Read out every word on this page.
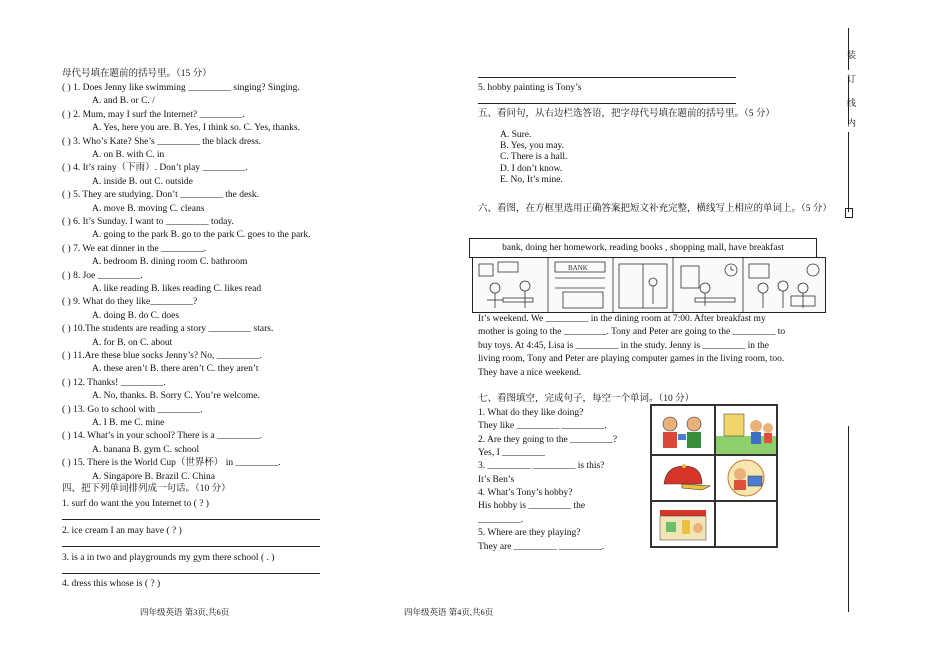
母代号填在题前的括号里。（15 分）
( ) 1. Does Jenny like swimming _________ singing? Singing.
A. and B. or C. /
( ) 2. Mum, may I surf the Internet? _________.
A. Yes, here you are. B. Yes, I think so. C. Yes, thanks.
( ) 3. Who’s Kate? She’s _________ the black dress.
A. on B. with C. in
( ) 4. It’s rainy（下雨）. Don’t play _________.
A. inside B. out C. outside
( ) 5. They are studying. Don’t _________ the desk.
A. move B. moving C. cleans
( ) 6. It’s Sunday. I want to _________ today.
A. going to the park B. go to the park C. goes to the park.
( ) 7. We eat dinner in the _________.
A. bedroom B. dining room C. bathroom
( ) 8. Joe _________.
A. like reading B. likes reading C. likes read
( ) 9. What do they like_________?
A. doing B. do C. does
( ) 10.The students are reading a story _________ stars.
A. for B. on C. about
( ) 11.Are these blue socks Jenny’s? No, _________.
A. these aren’t B. there aren’t C. they aren’t
( ) 12. Thanks! _________.
A. No, thanks. B. Sorry C. You’re welcome.
( ) 13. Go to school with _________.
A. I B. me C. mine
( ) 14. What’s in your school? There is a _________.
A. banana B. gym C. school
( ) 15. There is the World Cup（世界杯） in _________.
A. Singapore B. Brazil C. China
四、把下列单词排列成一句话。（10 分）
1. surf do want the you Internet to ( ? )
2. ice cream I an may have ( ? )
3. is a in two and playgrounds my gym there school ( . )
4. dress this whose is ( ? )
四年级英语 第3页,共6页
5. hobby painting is Tony’s
五、看问句，从右边栏选答语，把字母代号填在题前的括号里。（5 分）
A. Sure.
B. Yes, you may.
C. There is a hall.
D. I don’t know.
E. No, It’s mine.
六、看图，在方框里选用正确答案把短文补充完整，横线写上相应的单词上。（5 分）
bank, doing her homework, reading books , shopping mall, have breakfast
BANK
It’s weekend. We _________ in the dining room at 7:00. After breakfast my
mother is going to the _________. Tony and Peter are going to the _________ to
buy toys. At 4:45, Lisa is _________ in the study. Jenny is _________ in the
living room, Tony and Peter are playing computer games in the living room, too.
They have a nice weekend.
七、看图填空，完成句子，每空一个单词。（10 分）
1. What do they like doing?
They like _________ _________.
2. Are they going to the _________?
Yes, I _________
3. _________ _________ is this?
It’s Ben’s
4. What’s Tony’s hobby?
His hobby is _________ the
_________.
5. Where are they playing?
They are _________ _________.
四年级英语 第4页,共6页
装
订
线
内
